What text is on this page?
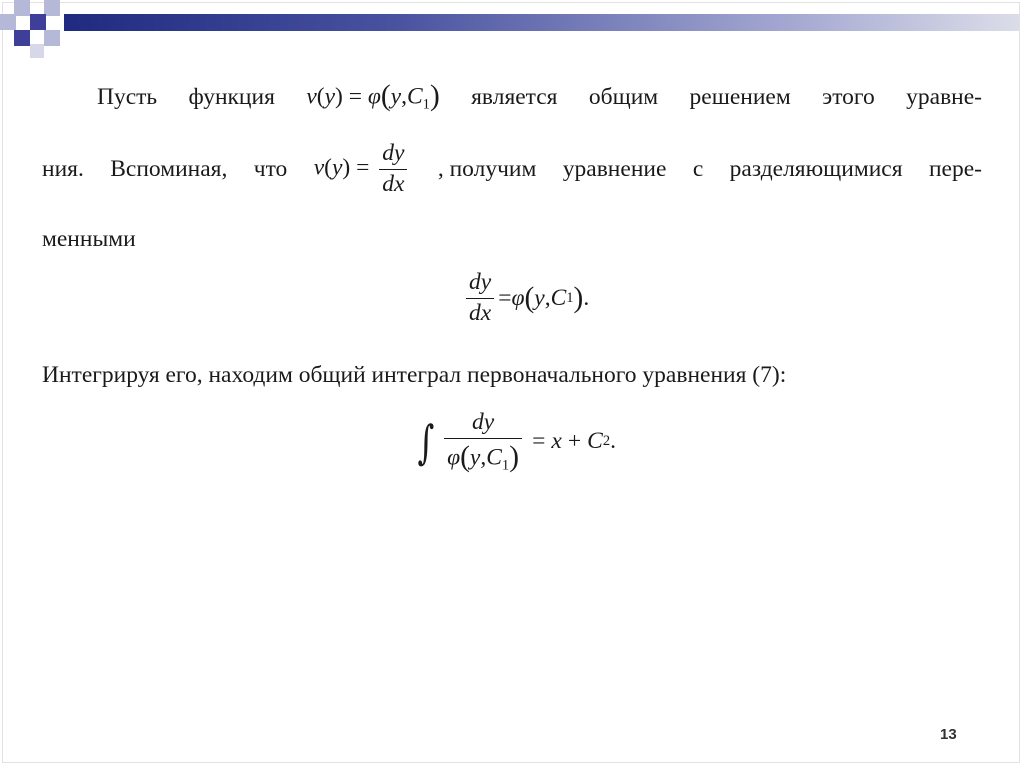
Пусть функция $v(y) = \varphi(y,C_1)$ является общим решением этого уравне-
ния. Вспоминая, что $v(y) = \frac{dy}{dx}$ , получим уравнение с разделяющимися пере-
менными
$\frac{dy}{dx} = \varphi$ ( y , C 1 ) .
Интегрируя его, находим общий интеграл первоначального уравнения (7):
∫ $\frac{dy}{\varphi(y,C_1)} = x + C$ 2 .
13
